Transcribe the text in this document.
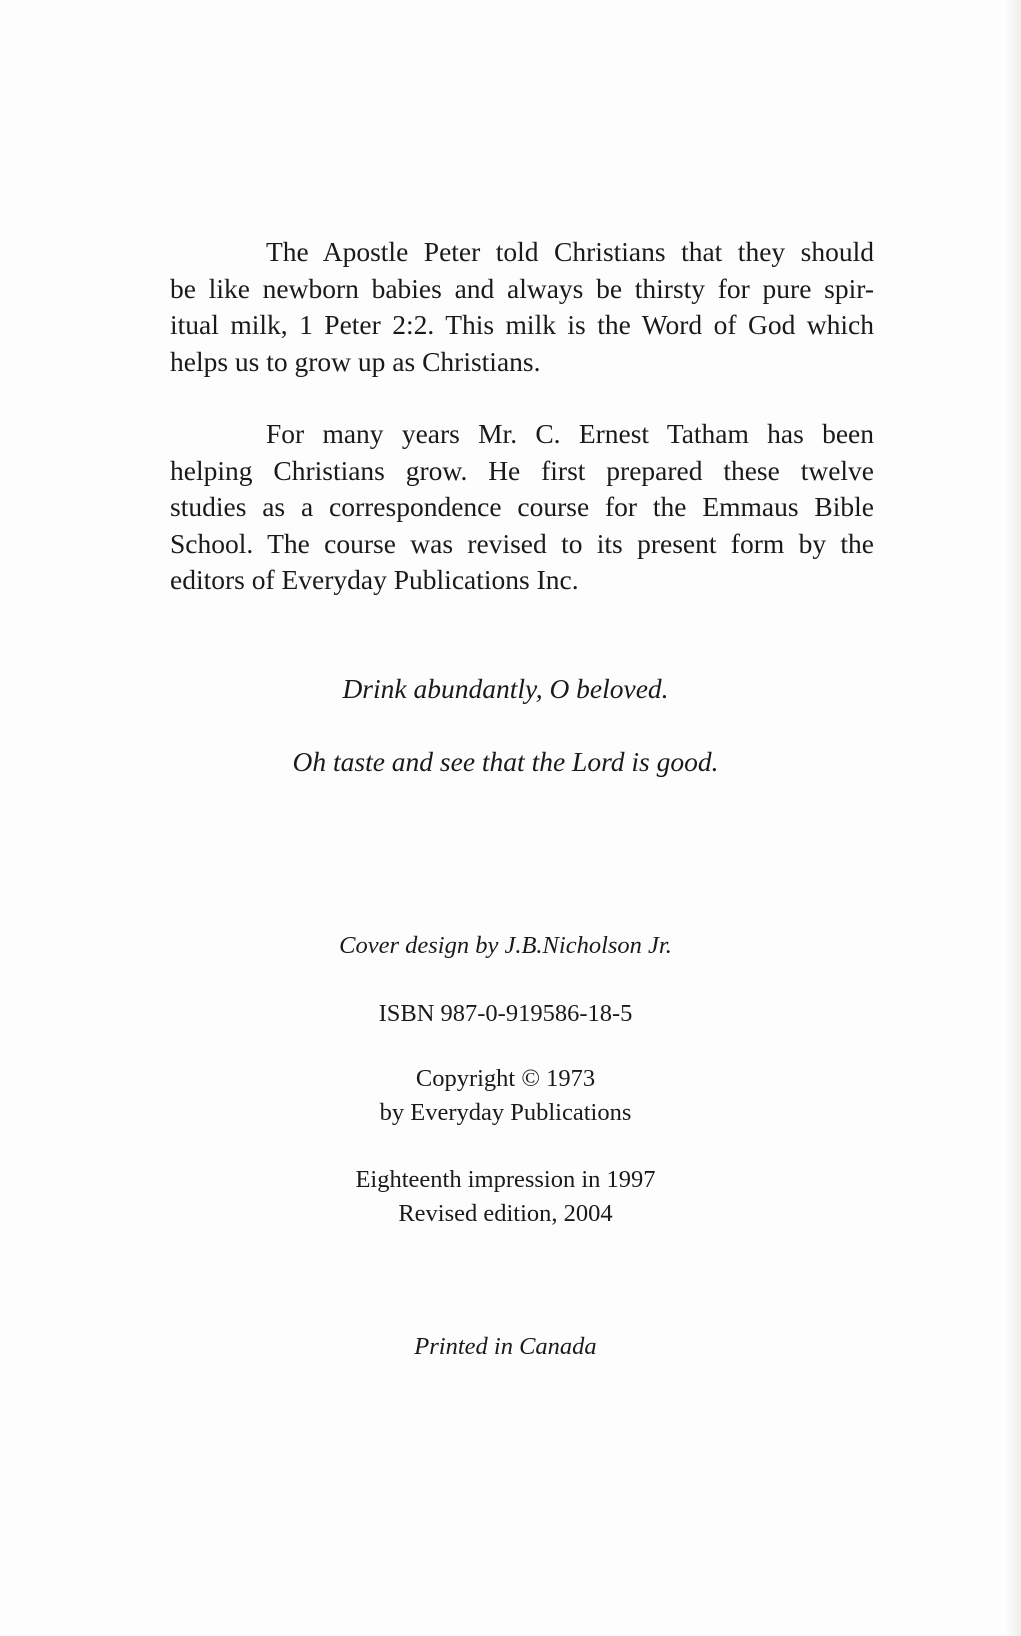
The Apostle Peter told Christians that they should
be like newborn babies and always be thirsty for pure spir-
itual milk, 1 Peter 2:2. This milk is the Word of God which
helps us to grow up as Christians.
For many years Mr. C. Ernest Tatham has been
helping Christians grow. He first prepared these twelve
studies as a correspondence course for the Emmaus Bible
School. The course was revised to its present form by the
editors of Everyday Publications Inc.

Drink abundantly, O beloved.

Oh taste and see that the Lord is good.

Cover design by J.B.Nicholson Jr.

ISBN 987-0-919586-18-5

Copyright © 1973

by Everyday Publications

Eighteenth impression in 1997

Revised edition, 2004

Printed in Canada
